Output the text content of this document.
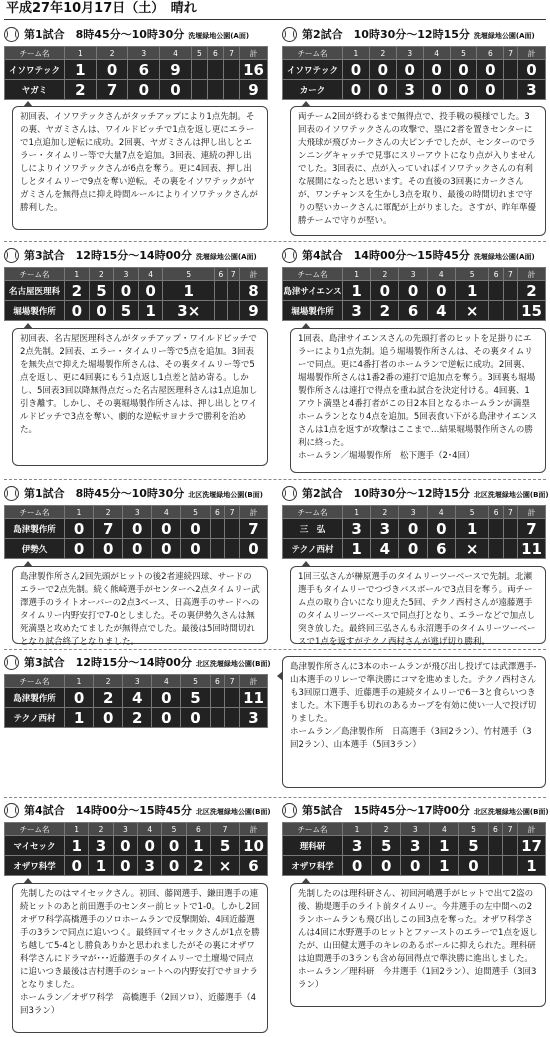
平成27年10月17日（土）　晴れ
第1試合　8時45分～10時30分 洗堰緑地公園(A面)
チーム名	1	2	3	4	5	6	7	計
イソワテック	1	0	6	9				16
ヤガミ	2	7	0	0				9
第2試合　10時30分～12時15分 洗堰緑地公園(A面)
チーム名	1	2	3	4	5	6	7	計
イソワテック	0	0	0	0	0	0		0
カーク	0	0	3	0	0	0		3
第3試合　12時15分～14時00分 洗堰緑地公園(A面)
チーム名	1	2	3	4	5	6	7	計
名古屋医理科	2	5	0	0	1			8
堀場製作所	0	0	5	1	3×			9
第4試合　14時00分～15時45分 洗堰緑地公園(A面)
チーム名	1	2	3	4	5	6	7	計
島津サイエンス	1	0	0	0	1			2
堀場製作所	3	2	6	4	×			15
第1試合　8時45分～10時30分 北区洗堰緑地公園(B面)
チーム名	1	2	3	4	5	6	7	計
島津製作所	0	7	0	0	0			7
伊勢久	0	0	0	0	0			0
第2試合　10時30分～12時15分 北区洗堰緑地公園(B面)
チーム名	1	2	3	4	5	6	7	計
三　弘	3	3	0	0	1			7
テクノ西村	1	4	0	6	×			11
第3試合　12時15分～14時00分 北区洗堰緑地公園(B面)
チーム名	1	2	3	4	5	6	7	計
島津製作所	0	2	4	0	5			11
テクノ西村	1	0	2	0	0			3
第4試合　14時00分～15時45分 北区洗堰緑地公園(B面)
チーム名	1	2	3	4	5	6	7	計
マイセック	1	3	0	0	0	1	5	10
オザワ科学	0	1	0	3	0	2	×	6
第5試合　15時45分～17時00分 北区洗堰緑地公園(B面)
チーム名	1	2	3	4	5	6	7	計
理科研	3	5	3	1	5			17
オザワ科学	0	0	0	1	0			1
初回表、イソワテックさんがタッチアップにより1点先制。その裏、ヤガミさんは、ワイルドピッチで1点を返し更にエラーで1点追加し逆転に成功。2回裏、ヤガミさんは押し出しとエラー・タイムリー等で大量7点を追加。3回表、連続の押し出しによりイソワテックさんが6点を奪う。更に4回表、押し出しとタイムリーで9点を奪い逆転。その裏をイソワテックがヤガミさんを無得点に抑え時間ルールによりイソワテックさんが勝利した。
両チーム2回が終わるまで無得点で、投手戦の模様でした。3回表のイソワテックさんの攻撃で、塁に2者を置きセンターに大飛球が飛びカークさんの大ピンチでしたが、センターのでランニングキャッチで見事にスリーアウトになり点が入りませんでした。3回表に、点が入っていればイソワテックさんの有利な展開になったと思います。その直後の3回裏にカークさんが、ワンチャンスを生かし3点を取り、最後の時間切れまで守りの堅いカークさんに軍配が上がりました。さすが、昨年準優勝チームで守りが堅い。
初回表、名古屋医理科さんがタッチアップ・ワイルドピッチで2点先制。2回表、エラー・タイムリー等で5点を追加。3回表を無失点で抑えた堀場製作所さんは、その裏タイムリー等で5点を返し、更に4回裏にもう1点返し1点差と詰め寄る。しかし、5回表3回以降無得点だった名古屋医理科さんは1点追加し引き離す。しかし、その裏堀場製作所さんは、押し出しとワイルドピッチで3点を奪い、劇的な逆転サヨナラで勝利を治めた。
1回表、島津サイエンスさんの先頭打者のヒットを足掛りにエラーにより1点先制。追う堀場製作所さんは、その裏タイムリーで同点。更に4番打者のホームランで逆転に成功。2回裏、堀場製作所さんは1番2番の連打で追加点を奪う。3回裏も堀場製作所さんは連打で得点を重ね試合を決定付ける。4回裏、1アウト満塁と4番打者がこの日2本目となるホームランが満塁ホームランとなり4点を追加。5回表食い下がる島津サイエンスさんは1点を返すが攻撃はここまで…結果堀場製作所さんの勝利に終った。
ホームラン／堀場製作所　松下選手（2･4回）
島津製作所さん2回先頭がヒットの後2者連続四球、サードのエラーで2点先制。続く熊崎選手がセンターへ2点タイムリー武澤選手のライトオーバーの2点3ベース、日高選手のサードへのタイムリー内野安打で7-0としました。その裏伊勢久さんは無死満塁と攻めたてましたが無得点でした。最後は5回時間切れとなり試合終了となりました。
1回三弘さんが榊原選手のタイムリーツーベースで先制。北瀬選手もタイムリーでつづきバスボールで3点目を奪う。両チーム点の取り合いになり迎えた5回、テクノ西村さんが遠藤選手のタイムリーツーベースで同点打となり、エラーなどで加点し突き放した。最終回三弘さんも永沼選手のタイムリーツーベースで1点を返すがテクノ西村さんが逃げ切り勝利。
島津製作所さんに3本のホームランが飛び出し投げては武澤選手-山本選手のリレーで準決勝にコマを進めました。テクノ西村さんも3回原口選手、近藤選手の連続タイムリーで6－3と食らいつきました。木下選手も切れのあるカーブを有効に使い一人で投げ切りました。
ホームラン／島津製作所　日高選手（3回2ラン）、竹村選手（3回2ラン）、山本選手（5回3ラン）
先制したのはマイセックさん。初回、藤岡選手、鎌田選手の連続ヒットのあと前田選手のセンター前ヒットで1-0。しかし2回オザワ科学高橋選手のソロホームランで反撃開始、4回近藤選手の3ランで同点に追いつく。最終回マイセックさんが1点を勝ち越して5-4とし勝負ありかと思われましたがその裏にオザワ科学さんにドラマが･･･近藤選手のタイムリーで土壇場で同点に追いつき最後は吉村選手のショートへの内野安打でサヨナラとなりました。
ホームラン／オザワ科学　高橋選手（2回ソロ）、近藤選手（4回3ラン）
先制したのは理科研さん、初回河嶋選手がヒットで出て2盗の後、勘堤選手のライト前タイムリー。今井選手の左中間への2ランホームランも飛び出しこの回3点を奪った。オザワ科学さんは4回に水野選手のヒットとファーストのエラーで1点を返したが、山田健太選手のキレのあるボールに抑えられた。理科研は迫間選手の3ランも含め毎回得点で準決勝に進出しました。
ホームラン／理科研　今井選手（1回2ラン）、迫間選手（3回3ラン）
